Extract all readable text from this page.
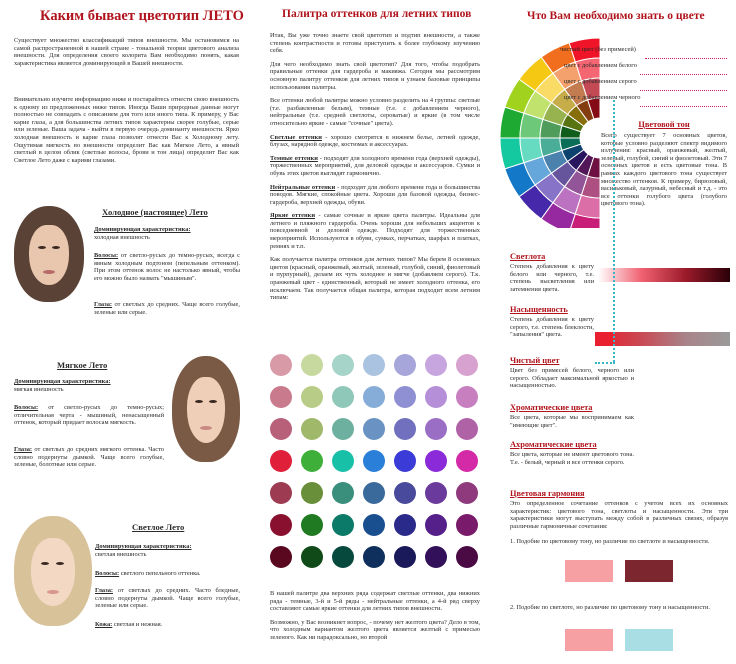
Каким бывает цветотип ЛЕТО

Существует множество классификаций типов внешности. Мы остановимся на самой распространенной в нашей стране - тональной теории цветового анализа внешности. Для определения своего колорита Вам необходимо понять, какая характеристика является доминирующей в Вашей внешности.

Внимательно изучите информацию ниже и постарайтесь отнести свою внешность к одному из предложенных ниже типов. Иногда Ваши природные данные могут полностью не совпадать с описанием для того или иного типа. К примеру, у Вас карие глаза, а для большинства летних типов характерны скорее голубые, серые или зеленые. Ваша задача - выйти в первую очередь доминанту внешности. Ярко холодная внешность и карие глаза позволят отнести Вас к Холодному лету. Ощутимая мягкость во внешности определит Вас как Мягкое Лето, а явный светлый в целом облик (светлые волосы, брови и тон лица) определит Вас как Светлое Лето даже с карими глазами.

Холодное (настоящее) Лето
Доминирующая характеристика:
холодная внешность
Волосы: от светло-русых до темно-русых, всегда с явным холодным подтоном (пепельным оттенком). При этом оттенок волос не настолько явный, чтобы его можно было назвать "мышиным".
Глаза: от светлых до средних. Чаще всего голубые, зеленые или серые.
Мягкое Лето
Доминирующая характеристика:
мягкая внешность
Волосы: от светло-русых до темно-русых; отличительная черта - мышиный, ненасыщенный оттенок, который придает волосам мягкость.
Глаза: от светлых до средних мягкого оттенка. Часто словно подернуты дымкой. Чаще всего голубые, зеленые, болотные или серые.
Светлое Лето
Доминирующая характеристика:
светлая внешность
Волосы: светлого пепельного оттенка.
Глаза: от светлых до средних. Часто бледные, словно подернуты дымкой. Чаще всего голубые, зеленые или серые.
Кожа: светлая и нежная.
Палитра оттенков для летних типов

Итак, Вы уже точно знаете свой цветотип и подтип внешности, а также степень контрастности и готовы приступить к более глубокому изучению себя.

Для чего необходимо знать свой цветотип? Для того, чтобы подобрать правильные оттенки для гардероба и макияжа. Сегодня мы рассмотрим основную палитру оттенков для летних типов и узнаем базовые принципы использования палитры.

Все оттенки любой палитры можно условно разделить на 4 группы: светлые (т.е. разбавленные белым), темные (т.е. с добавлением черного), нейтральные (т.е. средней светлоты, сероватые) и яркие (в том числе относительно яркие - самые "сочные" цвета).

Светлые оттенки - хорошо смотрятся в нижнем белье, летней одежде, блузах, нарядной одежде, костюмах и аксессуарах.

Темные оттенки - подходят для холодного времени года (верхней одежды), торжественных мероприятий, для деловой одежды и аксессуаров. Сумки и обувь этих цветов выглядят гармонично.

Нейтральные оттенки - подходят для любого времени года и большинства поводов. Мягкие, спокойные цвета. Хороши для базовой одежды, бизнес-гардероба, верхней одежды, обуви.

Яркие оттенки - самые сочные и яркие цвета палитры. Идеальны для летнего и пляжного гардероба. Очень хороши для небольших акцентов к повседневной и деловой одежде. Подходят для торжественных мероприятий. Используются в обуви, сумках, перчатках, шарфах и платках, ремнях и т.п.

Как получается палитра оттенков для летних типов? Мы берем 8 основных цветов (красный, оранжевый, желтый, зеленый, голубой, синий, фиолетовый и пурпурный), делаем их чуть холоднее и мягче (добавляем серого). Т.к. оранжевый цвет - единственный, который не имеет холодного оттенка, его исключаем. Так получается общая палитра, которая подходит всем летним типам:

В нашей палитре два верхних ряда содержат светлые оттенки, два нижних ряда - темные, 3-й и 5-й ряды - нейтральные оттенки, а 4-й ряд сверху составляют самые яркие оттенки для летних типов внешности.

Возможно, у Вас возникнет вопрос, - почему нет желтого цвета? Дело в том, что холодным вариантом желтого цвета является желтый с примесью зеленого. Как ни парадоксально, но второй

Что Вам необходимо знать о цвете
чистый цвет (без примесей)
цвет с добавлением белого
цвет с добавлением серого
цвет с добавлением черного
Цветовой тон

Всего существует 7 основных цветов, которые условно разделяют спектр видимого излучения: красный, оранжевый, желтый, зеленый, голубой, синий и фиолетовый. Эти 7 основных цветов и есть цветовые тона. В рамках каждого цветового тона существует множество оттенков. К примеру, бирюзовый, васильковый, лазурный, небесный и т.д. - это все оттенки голубого цвета (голубого цветового тона).

Светлота

Степень добавления к цвету белого или черного, т.е. степень высветления или затемнения цвета.

Насыщенность

Степень добавления к цвету серого, т.е. степень блеклости, "запыления" цвета.

Чистый цвет

Цвет без примесей белого, черного или серого. Обладает максимальной яркостью и насыщенностью.

Хроматические цвета

Все цвета, которые мы воспринимаем как "имеющие цвет".

Ахроматические цвета

Все цвета, которые не имеют цветового тона. Т.е. - белый, черный и все оттенки серого.

Цветовая гармония

Это определенное сочетание оттенков с учетом всех их основных характеристик: цветового тона, светлоты и насыщенности. Эти три характеристики могут выступать между собой в различных связях, образуя различные гармоничные сочетания:

1. Подобие по цветовому тону, но различие по светлоте и насыщенности.

2. Подобие по светлоте, но различие по цветовому тону и насыщенности.
